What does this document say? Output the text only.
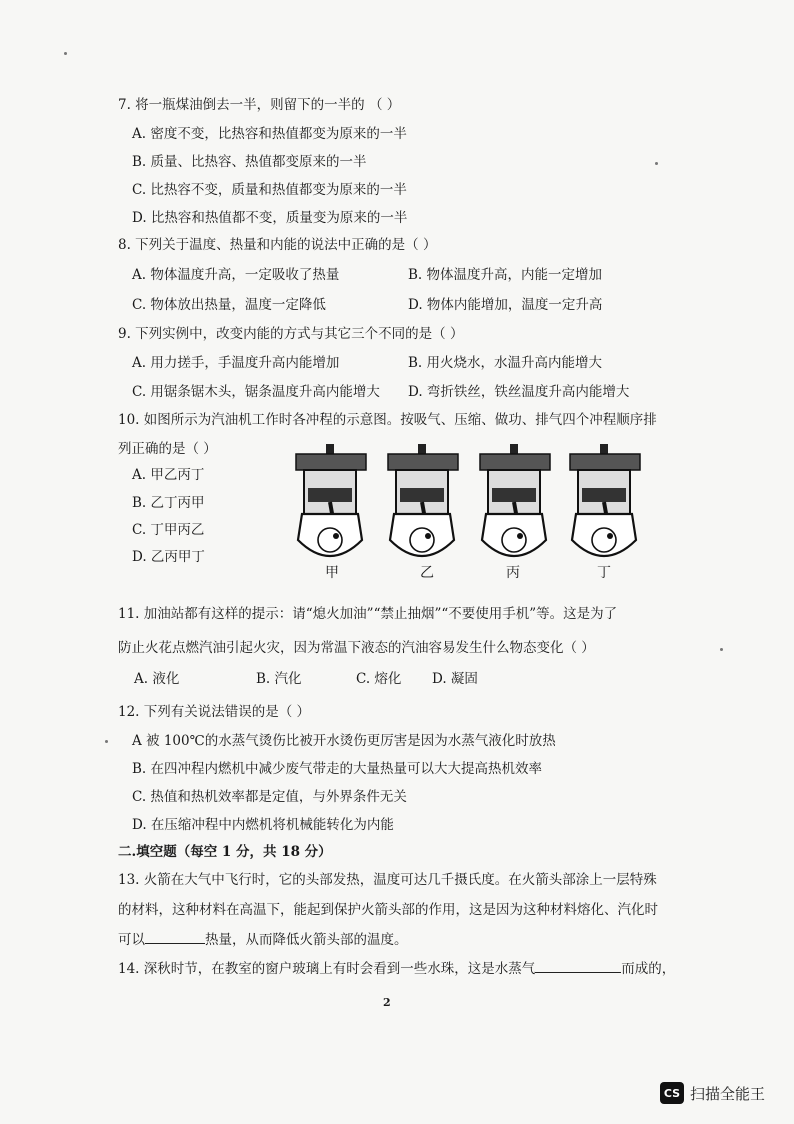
7. 将一瓶煤油倒去一半，则留下的一半的 （ ）
A. 密度不变，比热容和热值都变为原来的一半
B. 质量、比热容、热值都变原来的一半
C. 比热容不变，质量和热值都变为原来的一半
D. 比热容和热值都不变，质量变为原来的一半
8. 下列关于温度、热量和内能的说法中正确的是（ ）
A. 物体温度升高，一定吸收了热量	B. 物体温度升高，内能一定增加
C. 物体放出热量，温度一定降低	D. 物体内能增加，温度一定升高
9. 下列实例中，改变内能的方式与其它三个不同的是（ ）
A. 用力搓手，手温度升高内能增加	B. 用火烧水，水温升高内能增大
C. 用锯条锯木头，锯条温度升高内能增大 D. 弯折铁丝，铁丝温度升高内能增大
10. 如图所示为汽油机工作时各冲程的示意图。按吸气、压缩、做功、排气四个冲程顺序排
列正确的是（ ）
A. 甲乙丙丁
B. 乙丁丙甲
C. 丁甲丙乙
D. 乙丙甲丁
甲	乙	丙	丁
11. 加油站都有这样的提示：请“熄火加油”“禁止抽烟”“不要使用手机”等。这是为了
防止火花点燃汽油引起火灾，因为常温下液态的汽油容易发生什么物态变化（ ）
A. 液化	B. 汽化	C. 熔化 D. 凝固
12. 下列有关说法错误的是（ ）
A 被 100℃的水蒸气烫伤比被开水烫伤更厉害是因为水蒸气液化时放热
B. 在四冲程内燃机中减少废气带走的大量热量可以大大提高热机效率
C. 热值和热机效率都是定值，与外界条件无关
D. 在压缩冲程中内燃机将机械能转化为内能
二.填空题（每空 1 分，共 18 分）
13. 火箭在大气中飞行时，它的头部发热，温度可达几千摄氏度。在火箭头部涂上一层特殊
的材料，这种材料在高温下，能起到保护火箭头部的作用，这是因为这种材料熔化、汽化时
可以	热量，从而降低火箭头部的温度。
14. 深秋时节，在教室的窗户玻璃上有时会看到一些水珠，这是水蒸气	而成的，
2
CS 扫描全能王
